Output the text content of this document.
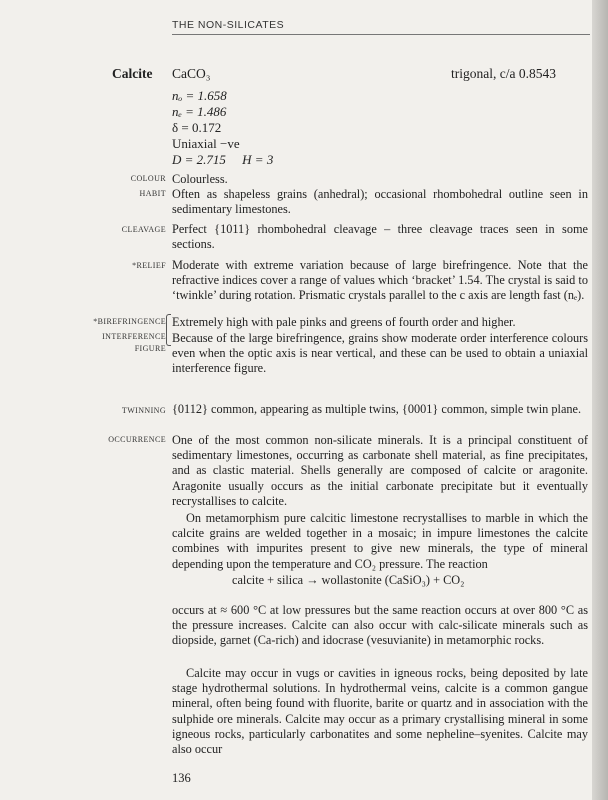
THE NON-SILICATES
Calcite CaCO₃	trigonal, c/a 0.8543
nₒ = 1.658
nₑ = 1.486
δ = 0.172
Uniaxial −ve
D = 2.715     H = 3
COLOUR
HABIT
CLEAVAGE
*RELIEF
*BIREFRINGENCE
INTERFERENCE
FIGURE
TWINNING
OCCURRENCE
Colourless.
Often as shapeless grains (anhedral); occasional rhombohedral outline seen in sedimentary limestones.
Perfect {1011} rhombohedral cleavage – three cleavage traces seen in some sections.
Moderate with extreme variation because of large birefringence. Note that the refractive indices cover a range of values which ‘bracket’ 1.54. The crystal is said to ‘twinkle’ during rotation. Prismatic crystals parallel to the c axis are length fast (nₑ).
Extremely high with pale pinks and greens of fourth order and higher.
Because of the large birefringence, grains show moderate order interference colours even when the optic axis is near vertical, and these can be used to obtain a uniaxial interference figure.
{0112} common, appearing as multiple twins, {0001} common, simple twin plane.
One of the most common non-silicate minerals. It is a principal constituent of sedimentary limestones, occurring as carbonate shell material, as fine precipitates, and as clastic material. Shells generally are composed of calcite or aragonite. Aragonite usually occurs as the initial carbonate precipitate but it eventually recrystallises to calcite.
On metamorphism pure calcitic limestone recrystallises to marble in which the calcite grains are welded together in a mosaic; in impure limestones the calcite combines with impurites present to give new minerals, the type of mineral depending upon the temperature and CO₂ pressure. The reaction
calcite + silica → wollastonite (CaSiO₃) + CO₂
occurs at ≈ 600 °C at low pressures but the same reaction occurs at over 800 °C as the pressure increases. Calcite can also occur with calc-silicate minerals such as diopside, garnet (Ca-rich) and idocrase (vesuvianite) in metamorphic rocks.
Calcite may occur in vugs or cavities in igneous rocks, being deposited by late stage hydrothermal solutions. In hydrothermal veins, calcite is a common gangue mineral, often being found with fluorite, barite or quartz and in association with the sulphide ore minerals. Calcite may occur as a primary crystallising mineral in some igneous rocks, particularly carbonatites and some nepheline–syenites. Calcite may also occur
136
